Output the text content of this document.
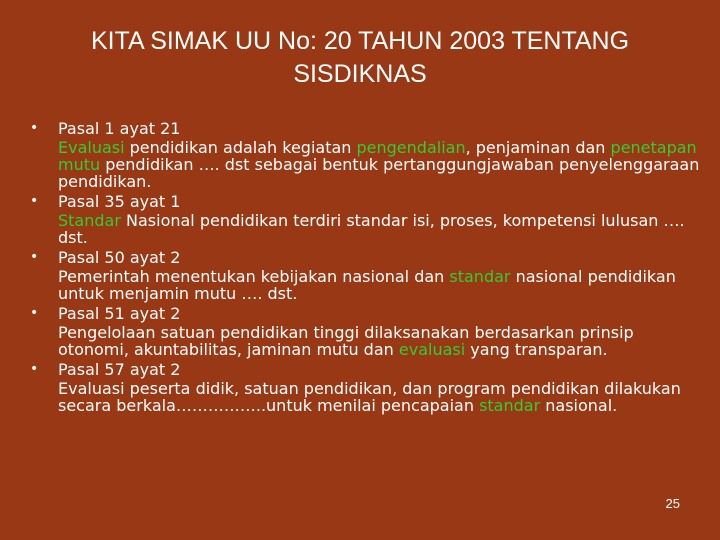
KITA SIMAK UU No: 20 TAHUN 2003 TENTANG
SISDIKNAS
• Pasal 1 ayat 21
Evaluasi pendidikan adalah kegiatan pengendalian, penjaminan dan penetapan mutu pendidikan …. dst sebagai bentuk pertanggungjawaban penyelenggaraan pendidikan.
• Pasal 35 ayat 1
Standar Nasional pendidikan terdiri standar isi, proses, kompetensi lulusan …. dst.
• Pasal 50 ayat 2
Pemerintah menentukan kebijakan nasional dan standar nasional pendidikan untuk menjamin mutu …. dst.
• Pasal 51 ayat 2
Pengelolaan satuan pendidikan tinggi dilaksanakan berdasarkan prinsip otonomi, akuntabilitas, jaminan mutu dan evaluasi yang transparan.
• Pasal 57 ayat 2
Evaluasi peserta didik, satuan pendidikan, dan program pendidikan dilakukan secara berkala……………..untuk menilai pencapaian standar nasional.
25
